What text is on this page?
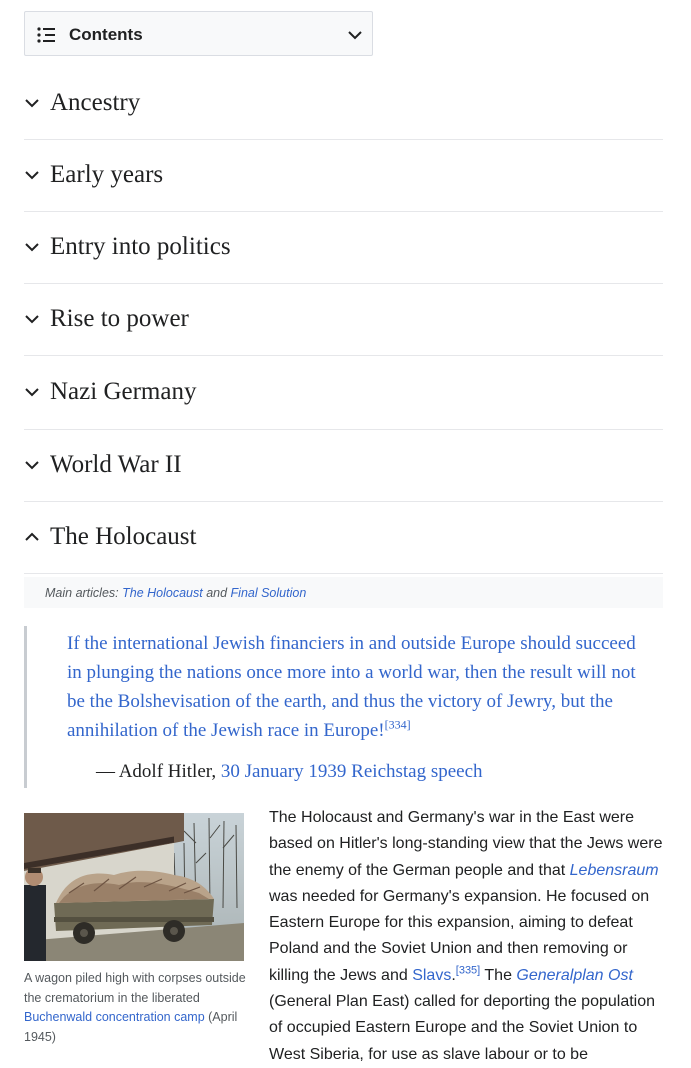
Contents
Ancestry
Early years
Entry into politics
Rise to power
Nazi Germany
World War II
The Holocaust
Main articles: The Holocaust and Final Solution
If the international Jewish financiers in and outside Europe should succeed in plunging the nations once more into a world war, then the result will not be the Bolshevisation of the earth, and thus the victory of Jewry, but the annihilation of the Jewish race in Europe![334]
— Adolf Hitler, 30 January 1939 Reichstag speech
A wagon piled high with corpses outside the crematorium in the liberated Buchenwald concentration camp (April 1945)
The Holocaust and Germany's war in the East were based on Hitler's long-standing view that the Jews were the enemy of the German people and that Lebensraum was needed for Germany's expansion. He focused on Eastern Europe for this expansion, aiming to defeat Poland and the Soviet Union and then removing or killing the Jews and Slavs.[335] The Generalplan Ost (General Plan East) called for deporting the population of occupied Eastern Europe and the Soviet Union to West Siberia, for use as slave labour or to be
